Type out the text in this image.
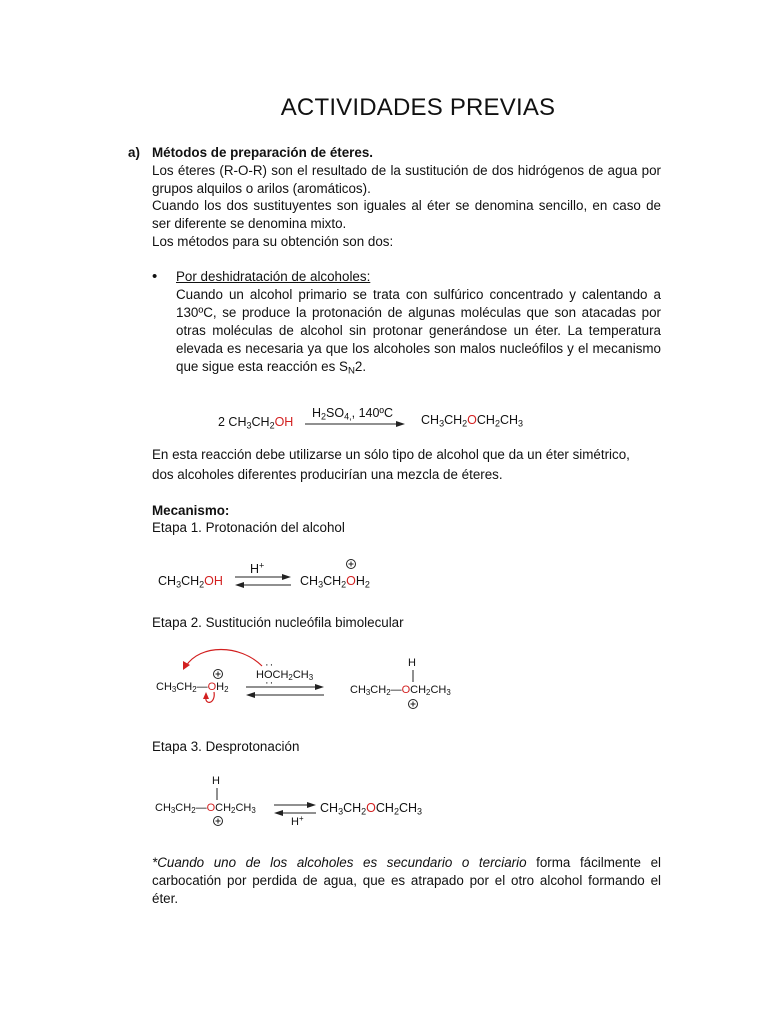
ACTIVIDADES PREVIAS
a) Métodos de preparación de éteres.
Los éteres (R-O-R) son el resultado de la sustitución de dos hidrógenos de agua por grupos alquilos o arilos (aromáticos).
Cuando los dos sustituyentes son iguales al éter se denomina sencillo, en caso de ser diferente se denomina mixto.
Los métodos para su obtención son dos:
• Por deshidratación de alcoholes:
Cuando un alcohol primario se trata con sulfúrico concentrado y calentando a 130ºC, se produce la protonación de algunas moléculas que son atacadas por otras moléculas de alcohol sin protonar generándose un éter. La temperatura elevada es necesaria ya que los alcoholes son malos nucleófilos y el mecanismo que sigue esta reacción es $S_N2$.
2 $CH_3CH_2OH$
$H_2SO_{4,}$, 140ºC $CH_3CH_2OCH_2CH_3$
En esta reacción debe utilizarse un sólo tipo de alcohol que da un éter simétrico,
dos alcoholes diferentes producirían una mezcla de éteres.
Mecanismo:
Etapa 1. Protonación del alcohol
$CH_3CH_2OH$
H+
$CH_3CH_2OH_2$
Etapa 2. Sustitución nucleófila bimolecular
$CH_3CH_2—OH_2$
$HOCH_2CH_3$
··
··
H
$CH_3CH_2—OCH_2CH_3$
Etapa 3. Desprotonación
H
$CH_3CH_2—OCH_2CH_3$
H+
$CH_3CH_2OCH_2CH_3$
*Cuando uno de los alcoholes es secundario o terciario forma fácilmente el carbocatión por perdida de agua, que es atrapado por el otro alcohol formando el éter.
